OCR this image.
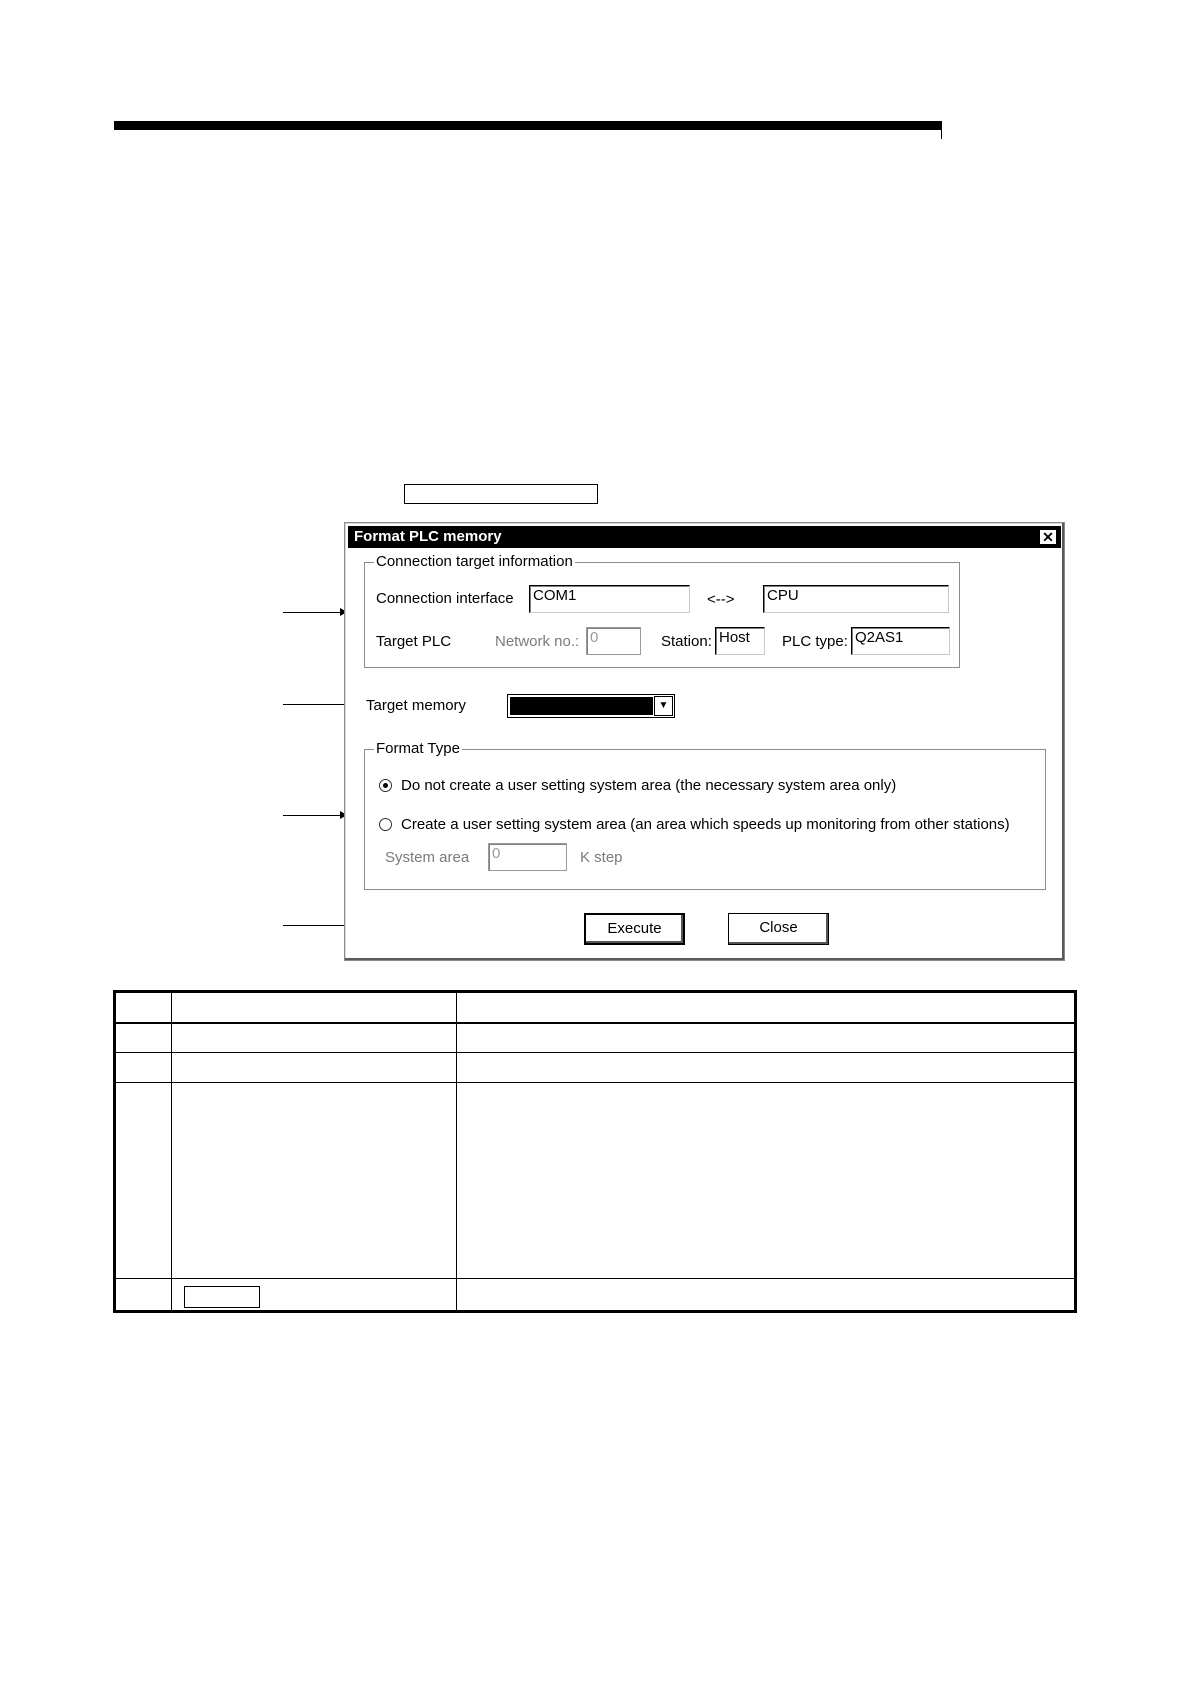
Format PLC memory	✕
Connection target information
Connection interface COM1	<--> CPU
Target PLC	Network no.: 0	Station: Host	PLC type: Q2AS1
Target memory	▼
Format Type
Do not create a user setting system area (the necessary system area only)
Create a user setting system area (an area which speeds up monitoring from other stations)
System area 0	K step
Execute	Close
